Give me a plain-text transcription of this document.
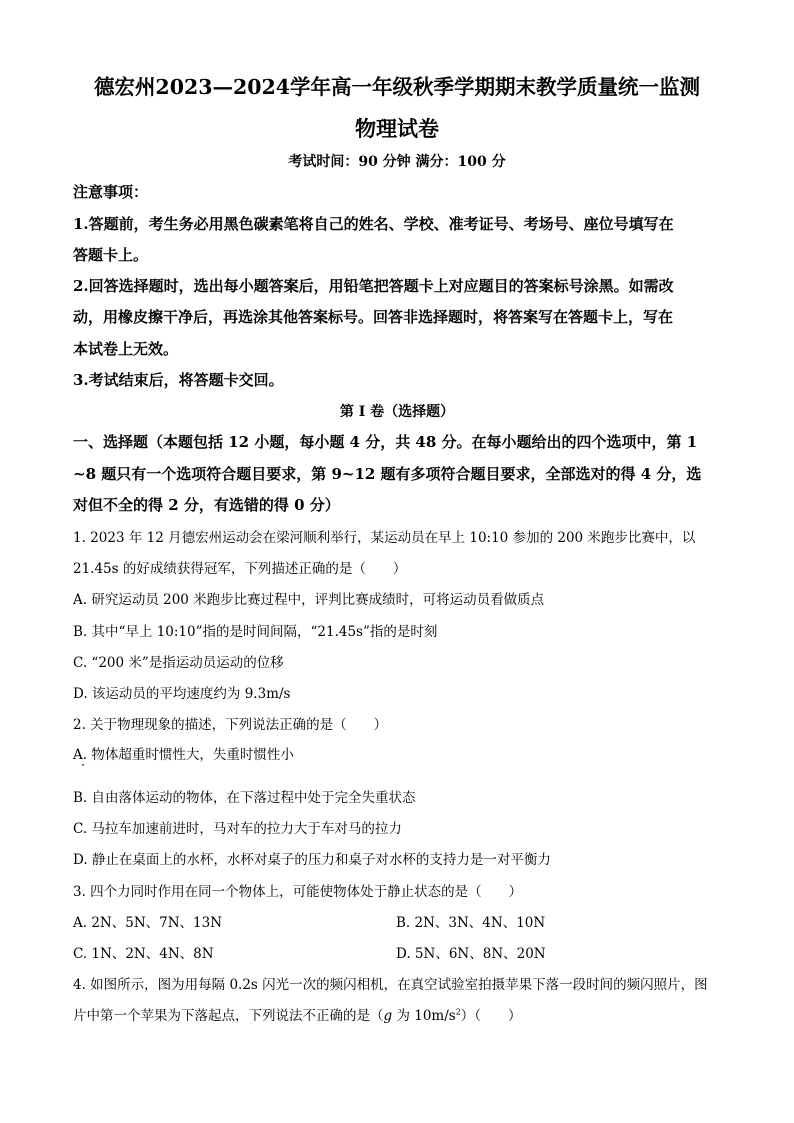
德宏州2023—2024学年高一年级秋季学期期末教学质量统一监测
物理试卷
考试时间：90 分钟 满分：100 分
注意事项：
1.答题前，考生务必用黑色碳素笔将自己的姓名、学校、准考证号、考场号、座位号填写在
答题卡上。
2.回答选择题时，选出每小题答案后，用铅笔把答题卡上对应题目的答案标号涂黑。如需改
动，用橡皮擦干净后，再选涂其他答案标号。回答非选择题时，将答案写在答题卡上，写在
本试卷上无效。
3.考试结束后，将答题卡交回。
第 I 卷（选择题）
一、选择题（本题包括 12 小题，每小题 4 分，共 48 分。在每小题给出的四个选项中，第 1
~8 题只有一个选项符合题目要求，第 9~12 题有多项符合题目要求，全部选对的得 4 分，选
对但不全的得 2 分，有选错的得 0 分）
1. 2023 年 12 月德宏州运动会在梁河顺利举行，某运动员在早上 10:10 参加的 200 米跑步比赛中，以
21.45s 的好成绩获得冠军，下列描述正确的是（　　）
A. 研究运动员 200 米跑步比赛过程中，评判比赛成绩时，可将运动员看做质点
B. 其中“早上 10:10”指的是时间间隔，“21.45s”指的是时刻
C. “200 米”是指运动员运动的位移
D. 该运动员的平均速度约为 9.3m/s
2. 关于物理现象的描述，下列说法正确的是（　　）
A. 物体超重时惯性大，失重时惯性小
B. 自由落体运动的物体，在下落过程中处于完全失重状态
C. 马拉车加速前进时，马对车的拉力大于车对马的拉力
D. 静止在桌面上的水杯，水杯对桌子的压力和桌子对水杯的支持力是一对平衡力
3. 四个力同时作用在同一个物体上，可能使物体处于静止状态的是（　　）
A. 2N、5N、7N、13N	B. 2N、3N、4N、10N
C. 1N、2N、4N、8N	D. 5N、6N、8N、20N
4. 如图所示，图为用每隔 0.2s 闪光一次的频闪相机，在真空试验室拍摄苹果下落一段时间的频闪照片，图
片中第一个苹果为下落起点，下列说法不正确的是（g 为 $10m/s^2$）（　　）
